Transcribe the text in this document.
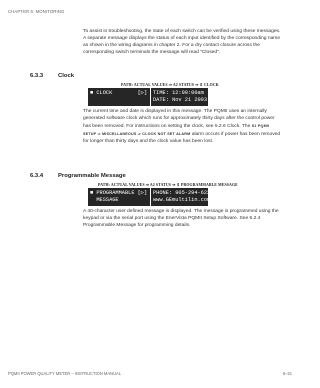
CHAPTER 6: MONITORING
To assist in troubleshooting, the state of each switch can be verified using these messages. A separate message displays the status of each input identified by the corresponding name as shown in the wiring diagrams in chapter 2. For a dry contact closure across the corresponding switch terminals the message will read "Closed".
6.3.3	Clock
PATH: ACTUAL VALUES ⇒ A2 STATUS ⇒ ⇕ CLOCK
■ CLOCK        [▷] TIME: 12:00:00am
DATE: Nov 21 2003
The current time and date is displayed in this message. The PQMII uses an internally generated software clock which runs for approximately thirty days after the control power has been removed. For instructions on setting the clock, see 5.2.6 Clock. The S1 PQMII SETUP ⇒ MISCELLANEOUS ⇒ CLOCK NOT SET ALARM alarm occurs if power has been removed for longer than thirty days and the clock value has been lost.
6.3.4	Programmable Message
PATH: ACTUAL VALUES ⇒ A2 STATUS ⇒ ⇕ PROGRAMMABLE MESSAGE
■ PROGRAMMABLE [▷]
MESSAGE
PHONE: 905-294-6222
www.GEmultilin.com
A 40-character user defined message is displayed. The message is programmed using the keypad or via the serial port using the EnerVista PQMII Setup Software. See 5.2.4 Programmable Message for programming details.
PQMII POWER QUALITY METER – INSTRUCTION MANUAL	6–21
